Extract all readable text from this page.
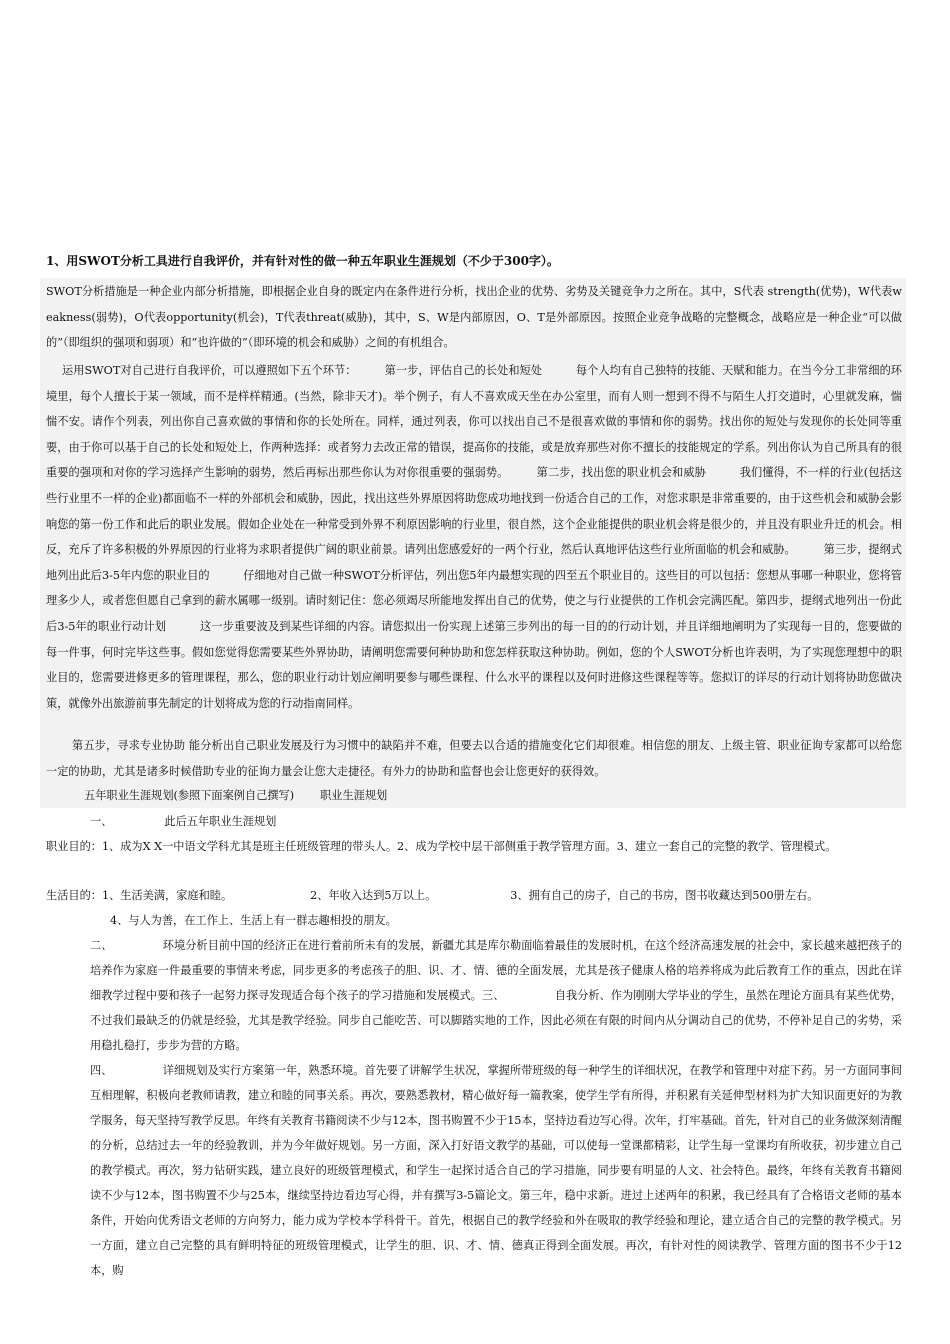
1、用SWOT分析工具进行自我评价，并有针对性的做一种五年职业生涯规划（不少于300字）。
SWOT分析措施是一种企业内部分析措施，即根据企业自身的既定内在条件进行分析，找出企业的优势、劣势及关键竞争力之所在。其中，S代表 strength(优势)，W代表weakness(弱势)，O代表opportunity(机会)，T代表threat(威胁)，其中，S、W是内部原因，O、T是外部原因。按照企业竞争战略的完整概念，战略应是一种企业“可以做的”（即组织的强项和弱项）和“也许做的”（即环境的机会和威胁）之间的有机组合。
运用SWOT对自己进行自我评价，可以遵照如下五个环节：　　　第一步，评估自己的长处和短处　　　每个人均有自己独特的技能、天赋和能力。在当今分工非常细的环境里，每个人擅长于某一领域，而不是样样精通。(当然，除非天才)。举个例子，有人不喜欢成天坐在办公室里，而有人则一想到不得不与陌生人打交道时，心里就发麻，惴惴不安。请作个列表，列出你自己喜欢做的事情和你的长处所在。同样，通过列表，你可以找出自己不是很喜欢做的事情和你的弱势。找出你的短处与发现你的长处同等重要，由于你可以基于自己的长处和短处上，作两种选择：或者努力去改正常的错误，提高你的技能，或是放弃那些对你不擅长的技能规定的学系。列出你认为自己所具有的很重要的强项和对你的学习选择产生影响的弱势，然后再标出那些你认为对你很重要的强弱势。　　　第二步，找出您的职业机会和威胁　　　我们懂得，不一样的行业(包括这些行业里不一样的企业)都面临不一样的外部机会和威胁，因此，找出这些外界原因将助您成功地找到一份适合自己的工作，对您求职是非常重要的，由于这些机会和威胁会影响您的第一份工作和此后的职业发展。假如企业处在一种常受到外界不利原因影响的行业里，很自然，这个企业能提供的职业机会将是很少的，并且没有职业升迁的机会。相反，充斥了许多积极的外界原因的行业将为求职者提供广阔的职业前景。请列出您感爱好的一两个行业，然后认真地评估这些行业所面临的机会和威胁。　　　第三步，提纲式地列出此后3-5年内您的职业目的　　　仔细地对自己做一种SWOT分析评估，列出您5年内最想实现的四至五个职业目的。这些目的可以包括：您想从事哪一种职业，您将管理多少人，或者您但愿自己拿到的薪水属哪一级别。请时刻记住：您必须竭尽所能地发挥出自己的优势，使之与行业提供的工作机会完满匹配。第四步，提纲式地列出一份此后3-5年的职业行动计划　　　这一步重要波及到某些详细的内容。请您拟出一份实现上述第三步列出的每一目的的行动计划，并且详细地阐明为了实现每一目的，您要做的每一件事，何时完毕这些事。假如您觉得您需要某些外界协助，请阐明您需要何种协助和您怎样获取这种协助。例如，您的个人SWOT分析也许表明，为了实现您理想中的职业目的，您需要进修更多的管理课程，那么，您的职业行动计划应阐明要参与哪些课程、什么水平的课程以及何时进修这些课程等等。您拟订的详尽的行动计划将协助您做决策，就像外出旅游前事先制定的计划将成为您的行动指南同样。
第五步，寻求专业协助 能分析出自己职业发展及行为习惯中的缺陷并不难，但要去以合适的措施变化它们却很难。相信您的朋友、上级主管、职业征询专家都可以给您一定的协助，尤其是诸多时候借助专业的征询力量会让您大走捷径。有外力的协助和监督也会让您更好的获得效。
五年职业生涯规划(参照下面案例自己撰写) 职业生涯规划
一、	此后五年职业生涯规划
职业目的：1、成为X X一中语文学科尤其是班主任班级管理的带头人。2、成为学校中层干部侧重于教学管理方面。3、建立一套自己的完整的教学、管理模式。
生活目的：1、生活美满，家庭和睦。	2、年收入达到5万以上。	3、拥有自己的房子，自己的书房，图书收藏达到500册左右。
4、与人为善，在工作上、生活上有一群志趣相投的朋友。
二、　　　　　环境分析目前中国的经济正在进行着前所未有的发展，新疆尤其是库尔勒面临着最佳的发展时机，在这个经济高速发展的社会中，家长越来越把孩子的培养作为家庭一件最重要的事情来考虑，同步更多的考虑孩子的胆、识、才、情、德的全面发展，尤其是孩子健康人格的培养将成为此后教育工作的重点，因此在详细教学过程中要和孩子一起努力探寻发现适合每个孩子的学习措施和发展模式。三、　　　　　自我分析、作为刚刚大学毕业的学生，虽然在理论方面具有某些优势，不过我们最缺乏的仍就是经验，尤其是教学经验。同步自己能吃苦、可以脚踏实地的工作，因此必须在有限的时间内从分调动自己的优势，不停补足自己的劣势，采用稳扎稳打，步步为营的方略。
四、　　　　　详细规划及实行方案第一年，熟悉环境。首先要了讲解学生状况，掌握所带班级的每一种学生的详细状况，在教学和管理中对症下药。另一方面同事间互相理解，积极向老教师请教，建立和睦的同事关系。再次，要熟悉教材，精心做好每一篇教案，使学生学有所得，并积累有关延伸型材料为扩大知识面更好的为教学服务，每天坚持写教学反思。年终有关教育书籍阅读不少与12本，图书购置不少于15本，坚持边看边写心得。次年，打牢基础。首先，针对自己的业务做深刻清醒的分析，总结过去一年的经验教训，并为今年做好规划。另一方面，深入打好语文教学的基础，可以使每一堂课都精彩，让学生每一堂课均有所收获，初步建立自己的教学模式。再次，努力钻研实践，建立良好的班级管理模式，和学生一起探讨适合自己的学习措施，同步要有明显的人文、社会特色。最终，年终有关教育书籍阅读不少与12本，图书购置不少与25本，继续坚持边看边写心得，并有撰写3-5篇论文。第三年，稳中求新。进过上述两年的积累，我已经具有了合格语文老师的基本条件，开始向优秀语文老师的方向努力，能力成为学校本学科骨干。首先，根据自己的教学经验和外在吸取的教学经验和理论，建立适合自己的完整的教学模式。另一方面，建立自己完整的具有鲜明特征的班级管理模式，让学生的胆、识、才、情、德真正得到全面发展。再次，有针对性的阅读教学、管理方面的图书不少于12本，购
